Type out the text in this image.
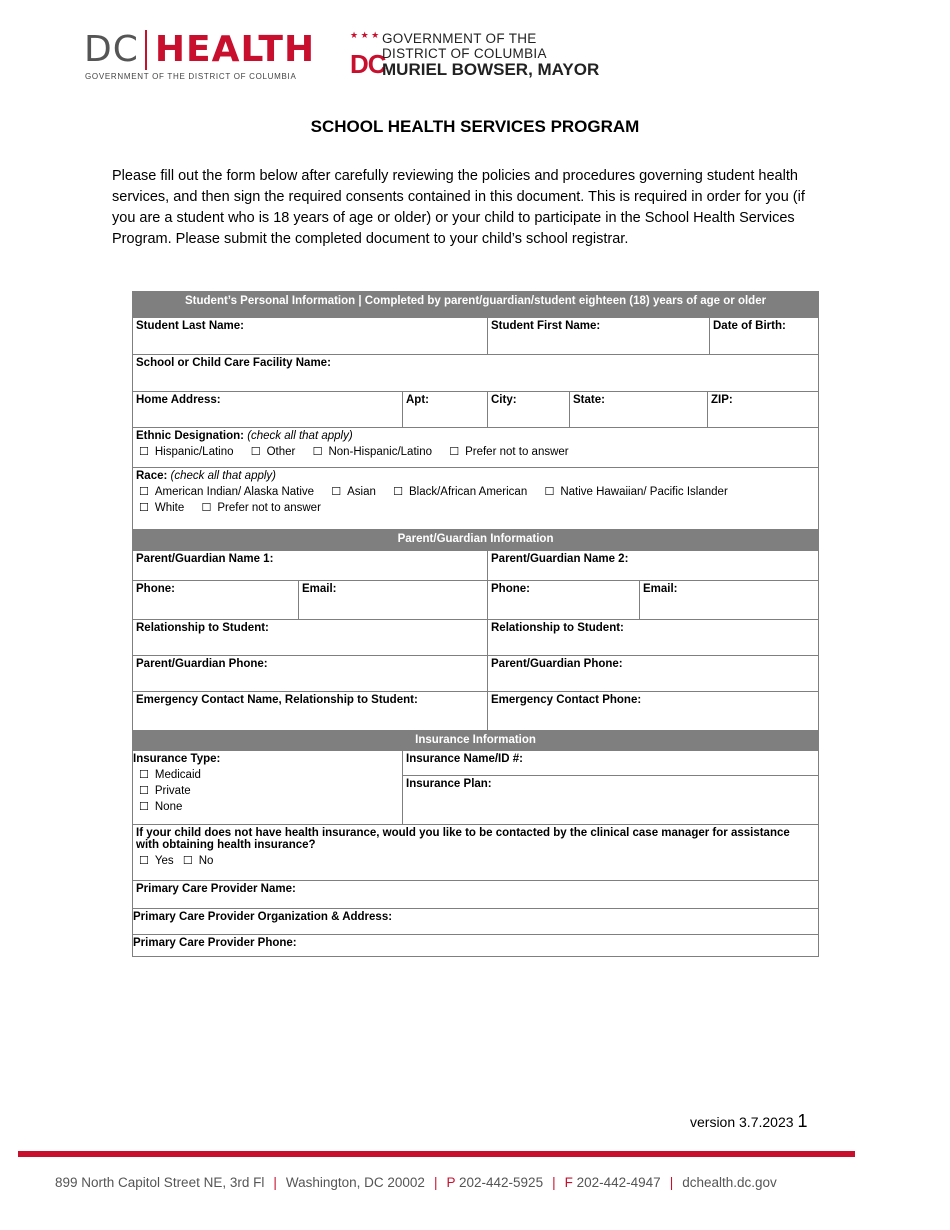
DC HEALTH
GOVERNMENT OF THE DISTRICT OF COLUMBIA
★ ★ ★
DC
GOVERNMENT OF THE
DISTRICT OF COLUMBIA
MURIEL BOWSER, MAYOR
SCHOOL HEALTH SERVICES PROGRAM
Please fill out the form below after carefully reviewing the policies and procedures governing student health services, and then sign the required consents contained in this document. This is required in order for you (if you are a student who is 18 years of age or older) or your child to participate in the School Health Services Program. Please submit the completed document to your child’s school registrar.
Student’s Personal Information | Completed by parent/guardian/student eighteen (18) years of age or older							
Student Last Name:			Student First Name:				Date of Birth:
School or Child Care Facility Name:							
Home Address:		Apt:	City:	State:		ZIP:	

Ethnic Designation: (check all that apply)
☐ Hispanic/Latino ☐ Other ☐ Non-Hispanic/Latino ☐ Prefer not to answer							

Race: (check all that apply)
☐ American Indian/ Alaska Native ☐ Asian ☐ Black/African American ☐ Native Hawaiian/ Pacific Islander
☐ White ☐ Prefer not to answer							

Parent/Guardian Information							
Parent/Guardian Name 1:			Parent/Guardian Name 2:				
Phone:	Email:		Phone:		Email:		
Relationship to Student:			Relationship to Student:				
Parent/Guardian Phone:			Parent/Guardian Phone:				
Emergency Contact Name, Relationship to Student:			Emergency Contact Phone:				
Insurance Information							

Insurance Type:
☐ Medicaid
☐ Private
☐ None		Insurance Name/ID #:					
		Insurance Plan:					

If your child does not have health insurance, would you like to be contacted by the clinical case manager for assistance with obtaining health insurance?
☐ Yes ☐ No							

Primary Care Provider Name:							
Primary Care Provider Organization & Address:							
Primary Care Provider Phone:							
version 3.7.2023 1
899 North Capitol Street NE, 3rd Fl | Washington, DC 20002 | P 202-442-5925 | F 202-442-4947 | dchealth.dc.gov
